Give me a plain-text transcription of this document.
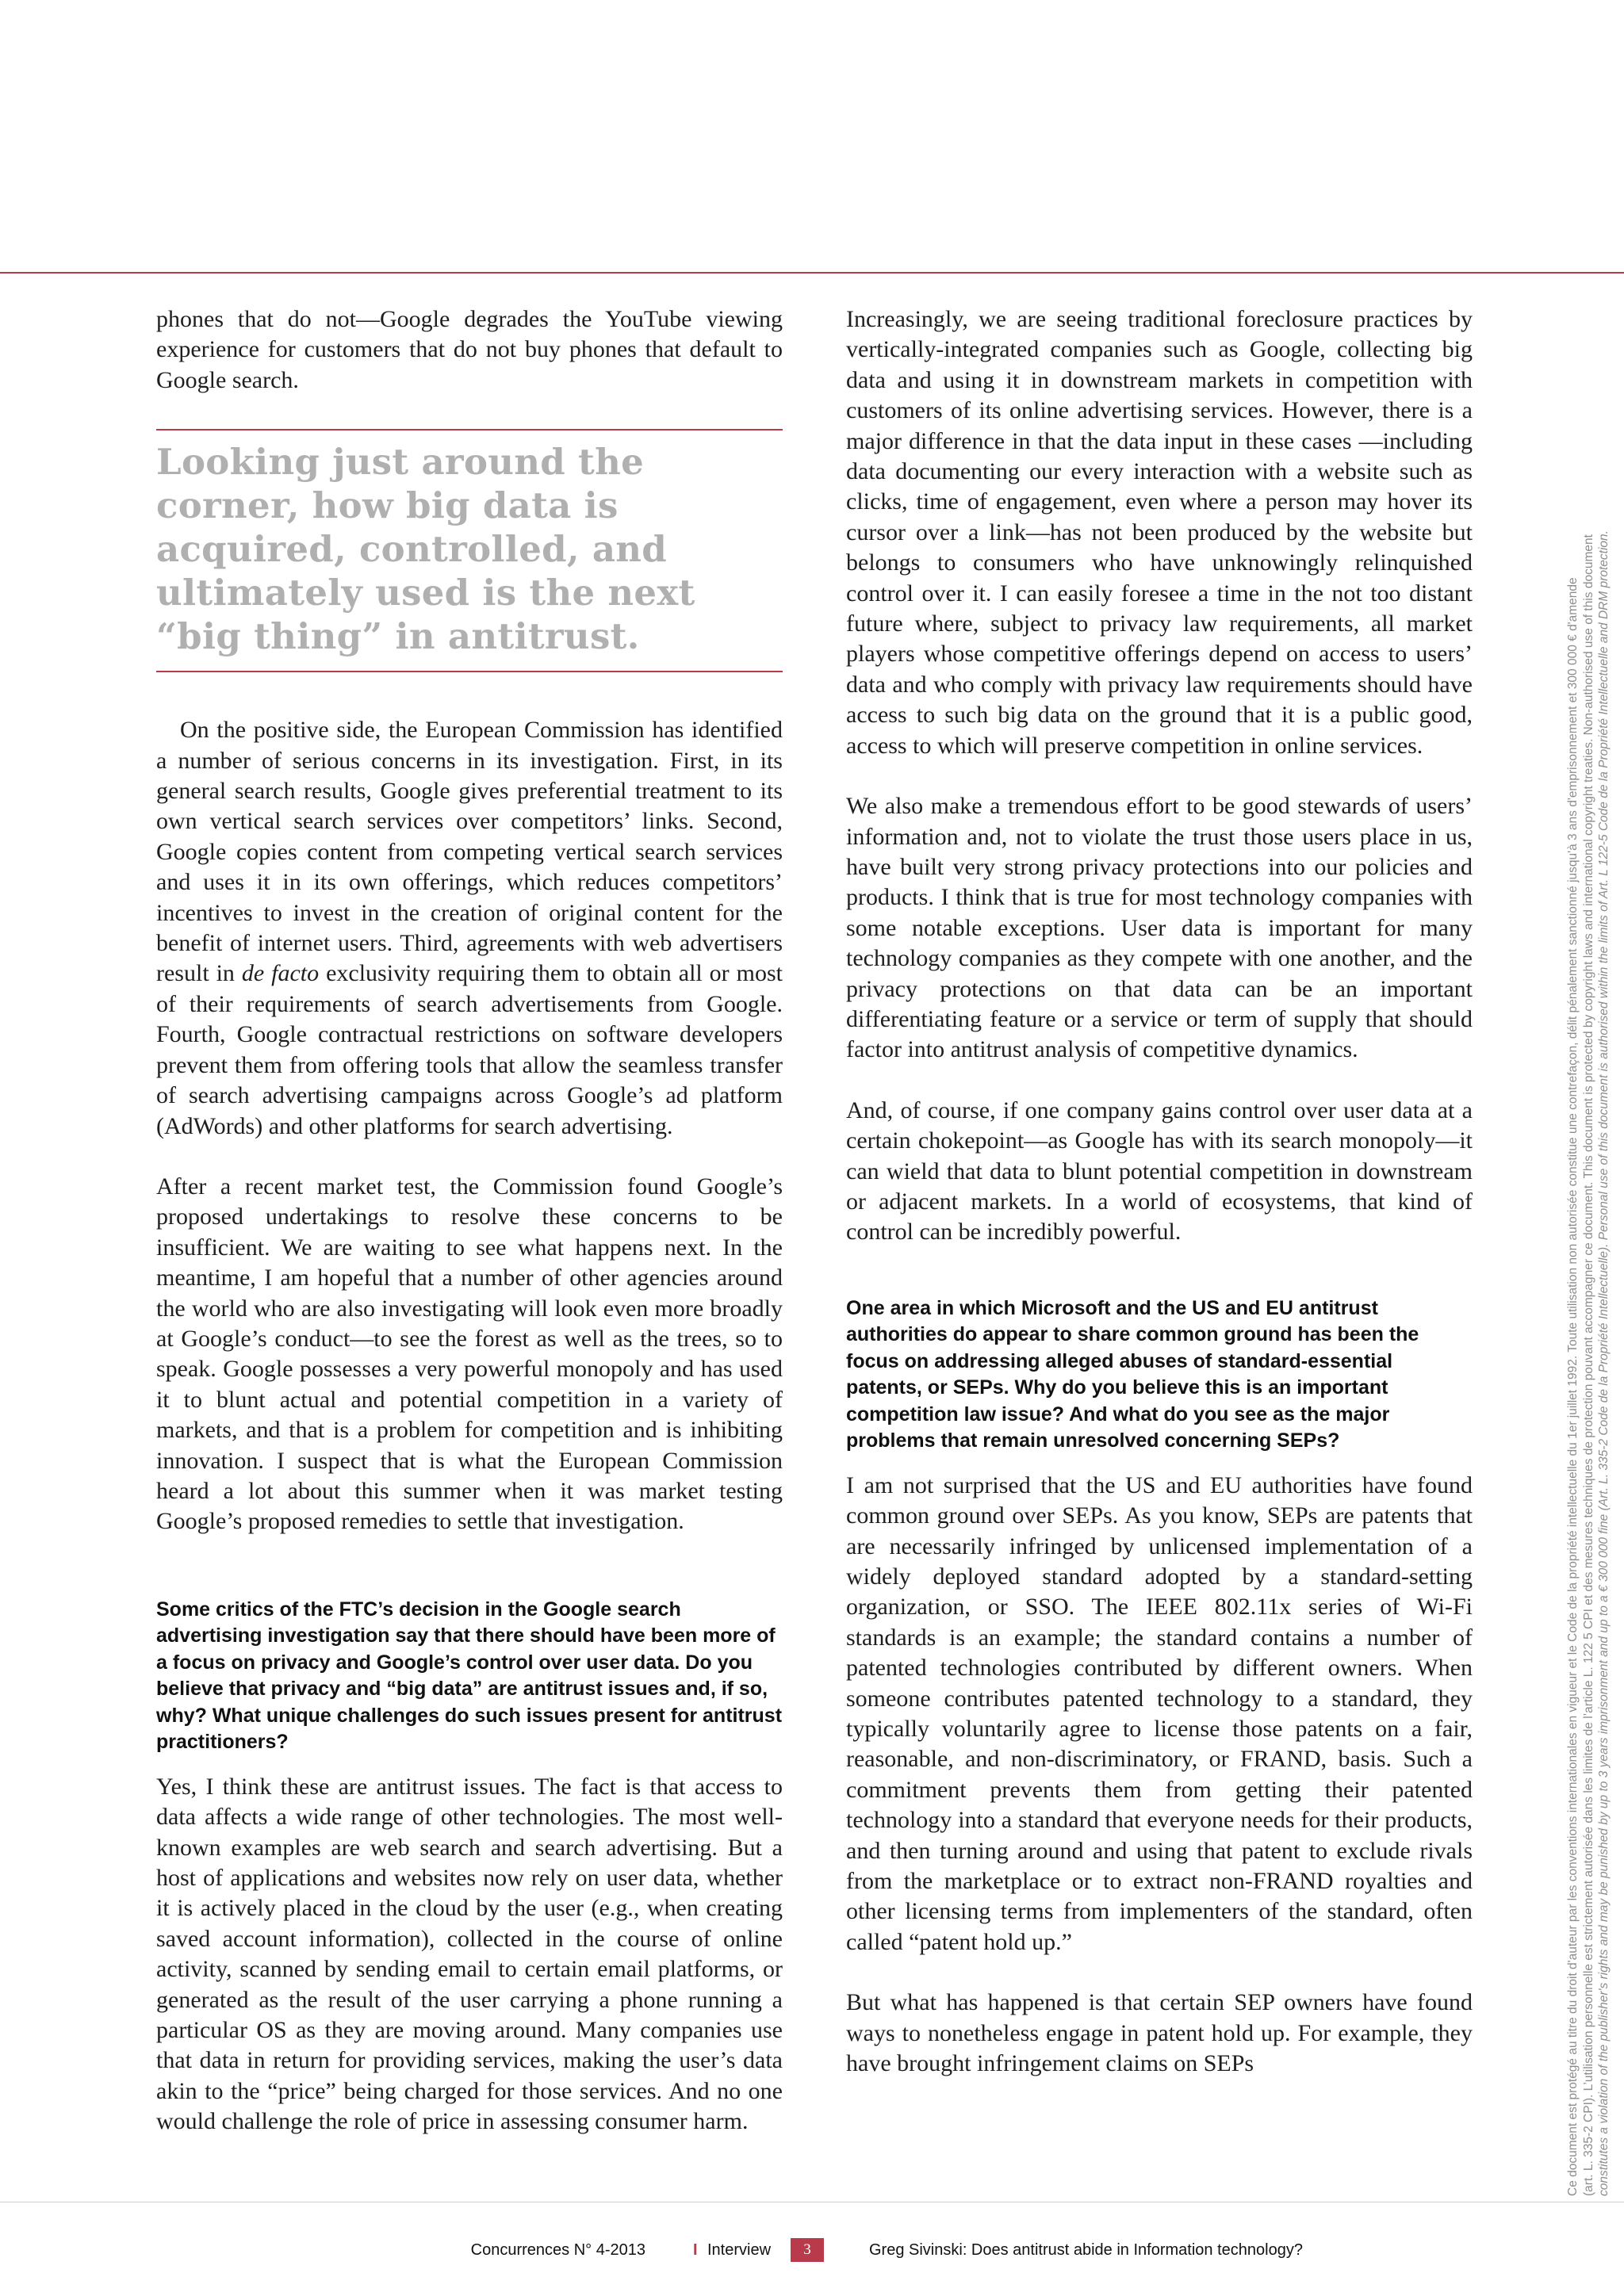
phones that do not—Google degrades the YouTube viewing experience for customers that do not buy phones that default to Google search.

Looking just around the corner, how big data is acquired, controlled, and ultimately used is the next “big thing” in antitrust.

On the positive side, the European Commission has identified a number of serious concerns in its investigation. First, in its general search results, Google gives preferential treatment to its own vertical search services over competitors’ links. Second, Google copies content from competing vertical search services and uses it in its own offerings, which reduces competitors’ incentives to invest in the creation of original content for the benefit of internet users. Third, agreements with web advertisers result in de facto exclusivity requiring them to obtain all or most of their requirements of search advertisements from Google. Fourth, Google contractual restrictions on software developers prevent them from offering tools that allow the seamless transfer of search advertising campaigns across Google’s ad platform (AdWords) and other platforms for search advertising.

After a recent market test, the Commission found Google’s proposed undertakings to resolve these concerns to be insufficient. We are waiting to see what happens next. In the meantime, I am hopeful that a number of other agencies around the world who are also investigating will look even more broadly at Google’s conduct—to see the forest as well as the trees, so to speak. Google possesses a very powerful monopoly and has used it to blunt actual and potential competition in a variety of markets, and that is a problem for competition and is inhibiting innovation. I suspect that is what the European Commission heard a lot about this summer when it was market testing Google’s proposed remedies to settle that investigation.

Some critics of the FTC’s decision in the Google search advertising investigation say that there should have been more of a focus on privacy and Google’s control over user data. Do you believe that privacy and “big data” are antitrust issues and, if so, why? What unique challenges do such issues present for antitrust practitioners?

Yes, I think these are antitrust issues. The fact is that access to data affects a wide range of other technologies. The most well-known examples are web search and search advertising. But a host of applications and websites now rely on user data, whether it is actively placed in the cloud by the user (e.g., when creating saved account information), collected in the course of online activity, scanned by sending email to certain email platforms, or generated as the result of the user carrying a phone running a particular OS as they are moving around. Many companies use that data in return for providing services, making the user’s data akin to the “price” being charged for those services. And no one would challenge the role of price in assessing consumer harm.

Increasingly, we are seeing traditional foreclosure practices by vertically-integrated companies such as Google, collecting big data and using it in downstream markets in competition with customers of its online advertising services. However, there is a major difference in that the data input in these cases —including data documenting our every interaction with a website such as clicks, time of engagement, even where a person may hover its cursor over a link—has not been produced by the website but belongs to consumers who have unknowingly relinquished control over it. I can easily foresee a time in the not too distant future where, subject to privacy law requirements, all market players whose competitive offerings depend on access to users’ data and who comply with privacy law requirements should have access to such big data on the ground that it is a public good, access to which will preserve competition in online services.

We also make a tremendous effort to be good stewards of users’ information and, not to violate the trust those users place in us, have built very strong privacy protections into our policies and products. I think that is true for most technology companies with some notable exceptions. User data is important for many technology companies as they compete with one another, and the privacy protections on that data can be an important differentiating feature or a service or term of supply that should factor into antitrust analysis of competitive dynamics.

And, of course, if one company gains control over user data at a certain chokepoint—as Google has with its search monopoly—it can wield that data to blunt potential competition in downstream or adjacent markets. In a world of ecosystems, that kind of control can be incredibly powerful.

One area in which Microsoft and the US and EU antitrust authorities do appear to share common ground has been the focus on addressing alleged abuses of standard-essential patents, or SEPs. Why do you believe this is an important competition law issue? And what do you see as the major problems that remain unresolved concerning SEPs?

I am not surprised that the US and EU authorities have found common ground over SEPs. As you know, SEPs are patents that are necessarily infringed by unlicensed implementation of a widely deployed standard adopted by a standard-setting organization, or SSO. The IEEE 802.11x series of Wi-Fi standards is an example; the standard contains a number of patented technologies contributed by different owners. When someone contributes patented technology to a standard, they typically voluntarily agree to license those patents on a fair, reasonable, and non-discriminatory, or FRAND, basis. Such a commitment prevents them from getting their patented technology into a standard that everyone needs for their products, and then turning around and using that patent to exclude rivals from the marketplace or to extract non-FRAND royalties and other licensing terms from implementers of the standard, often called “patent hold up.”

But what has happened is that certain SEP owners have found ways to nonetheless engage in patent hold up. For example, they have brought infringement claims on SEPs	Ce document est protégé au titre du droit d'auteur par les conventions internationales en vigueur et le Code de la propriété intellectuelle du 1er juillet 1992. Toute utilisation non autorisée constitue une contrefaçon, délit pénalement sanctionné jusqu'à 3 ans d'emprisonnement et 300 000 € d'amende (art. L. 335-2 CPI). L’utilisation personnelle est strictement autorisée dans les limites de l’article L. 122 5 CPI et des mesures techniques de protection pouvant accompagner ce document. This document is protected by copyright laws and international copyright treaties. Non-authorised use of this document constitutes a violation of the publisher's rights and may be punished by up to 3 years imprisonment and up to a € 300 000 fine (Art. L. 335-2 Code de la Propriété Intellectuelle). Personal use of this document is authorised within the limits of Art. L 122-5 Code de la Propriété Intellectuelle and DRM protection.
Concurrences N° 4-2013	I Interview	3	Greg Sivinski: Does antitrust abide in Information technology?
